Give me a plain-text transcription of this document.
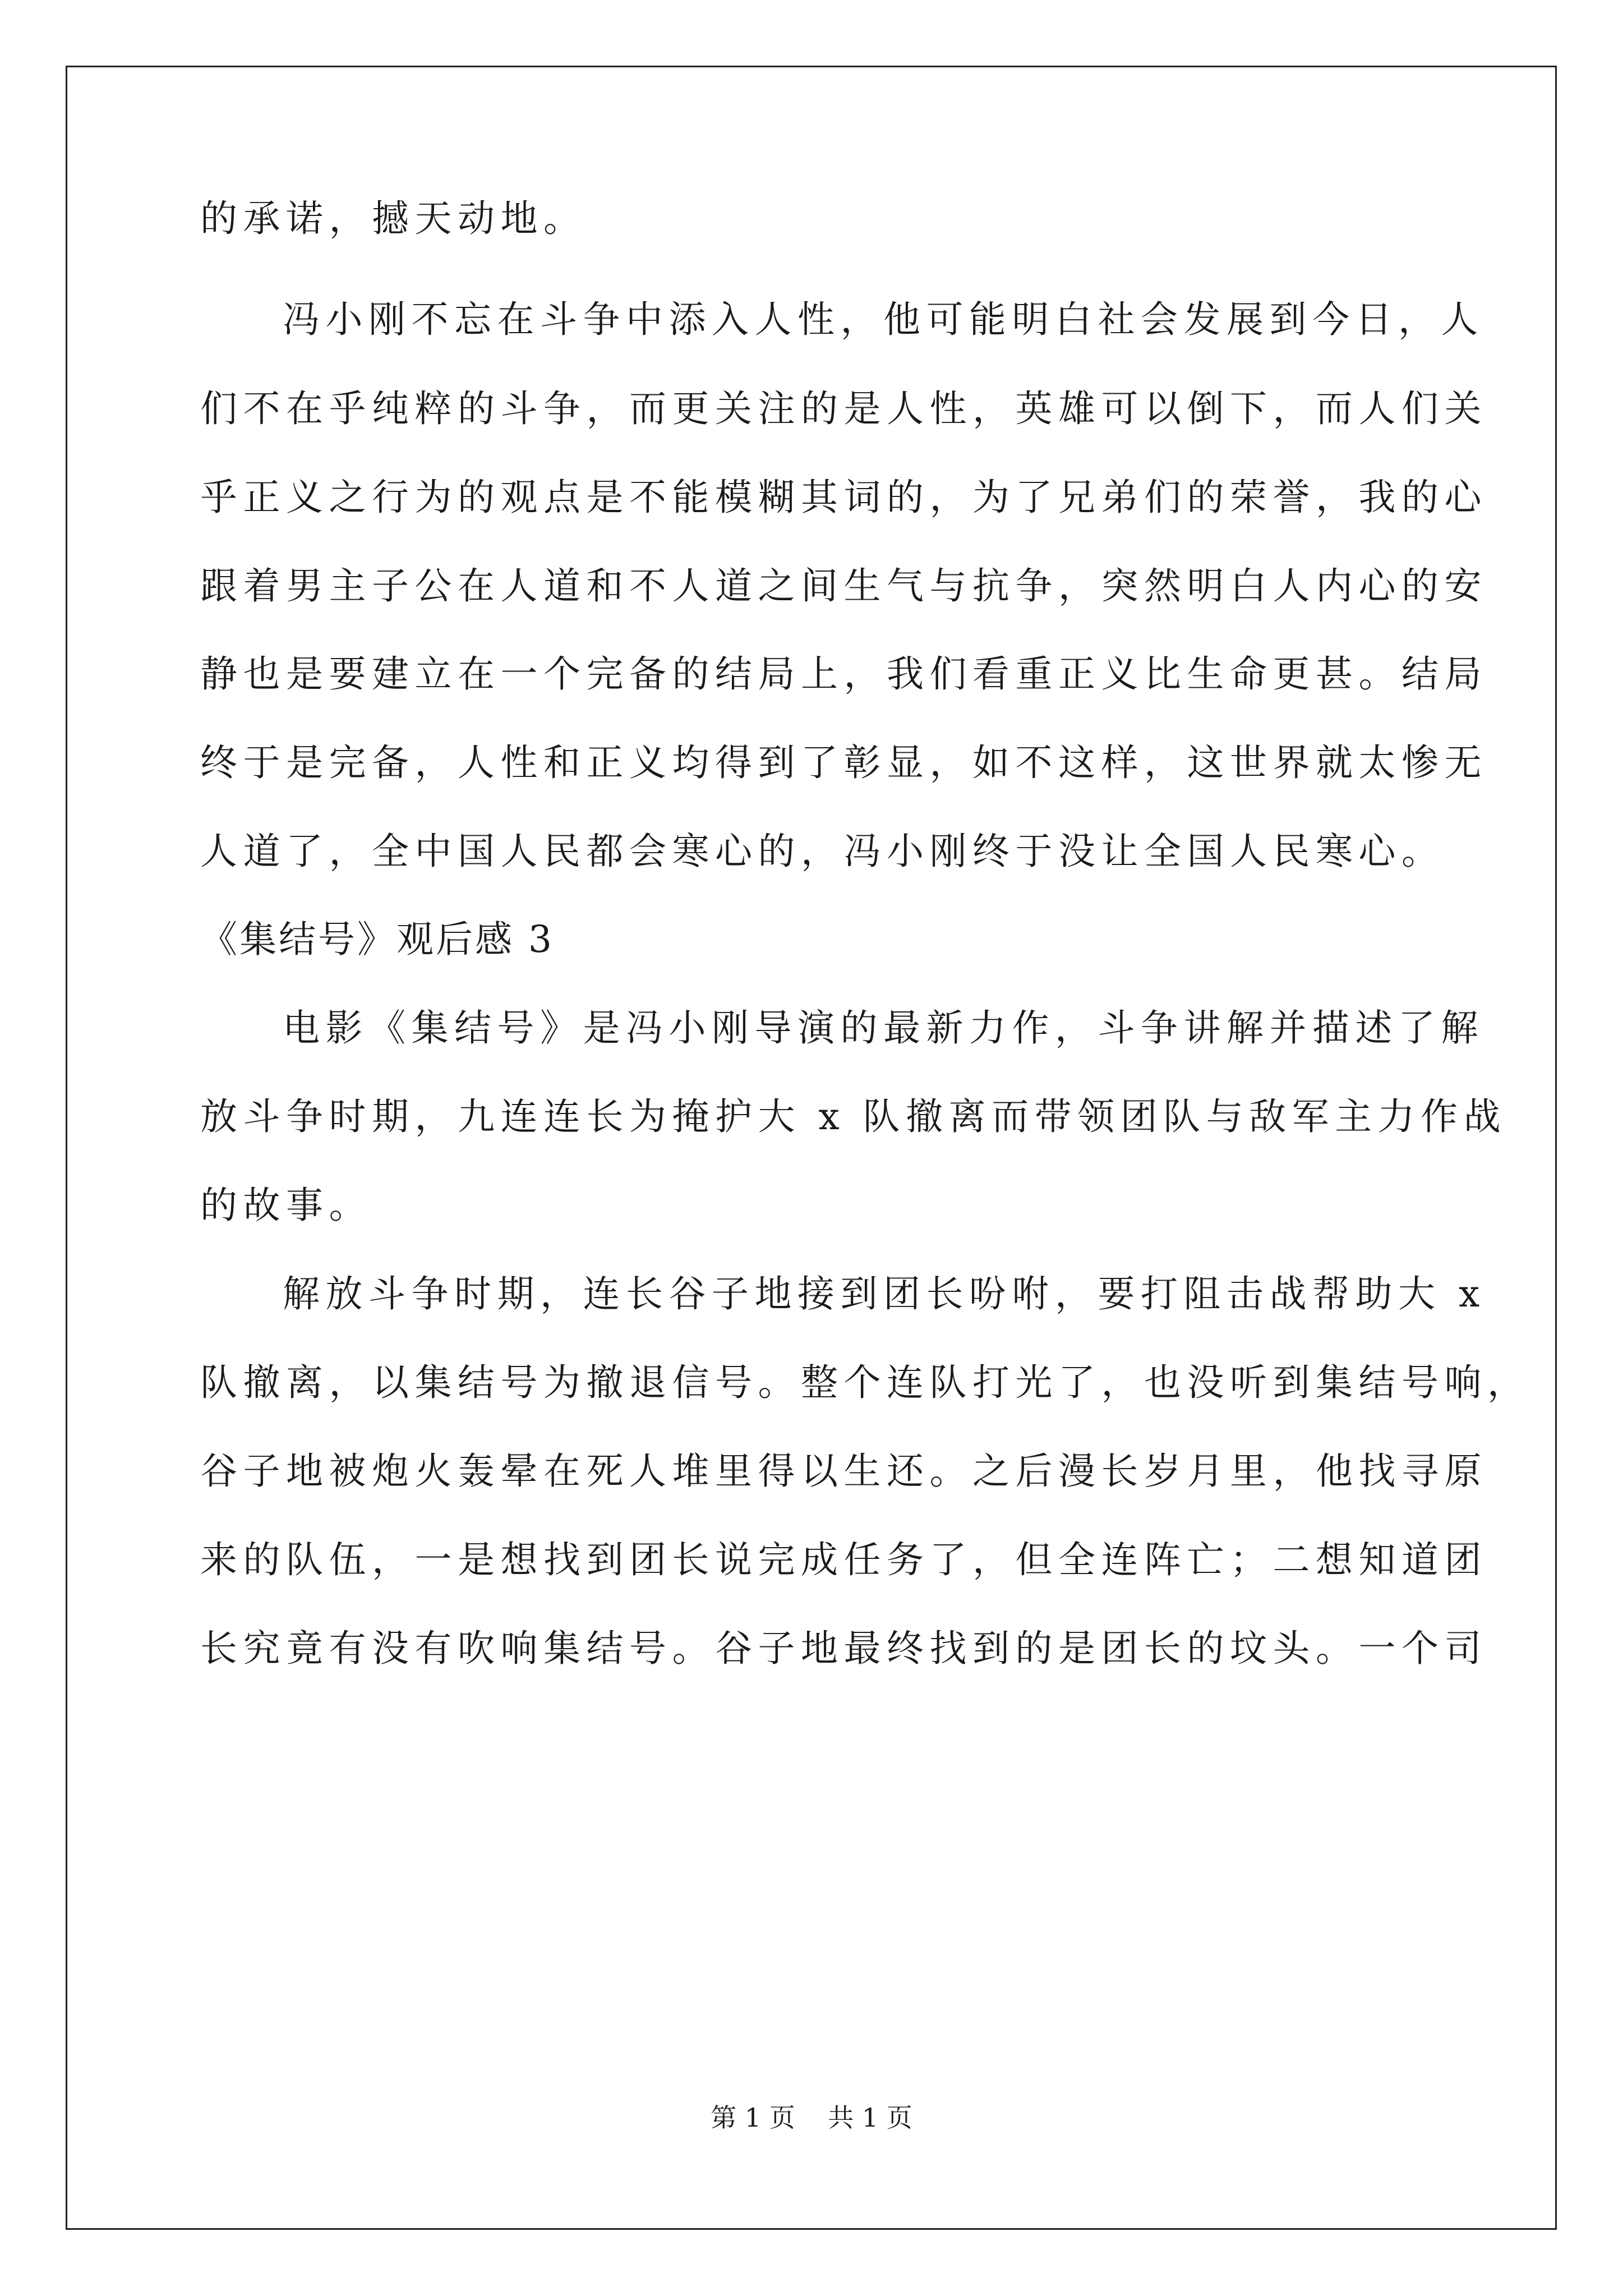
的承诺，撼天动地。
冯小刚不忘在斗争中添入人性，他可能明白社会发展到今日，人
们不在乎纯粹的斗争，而更关注的是人性，英雄可以倒下，而人们关
乎正义之行为的观点是不能模糊其词的，为了兄弟们的荣誉，我的心
跟着男主子公在人道和不人道之间生气与抗争，突然明白人内心的安
静也是要建立在一个完备的结局上，我们看重正义比生命更甚。结局
终于是完备，人性和正义均得到了彰显，如不这样，这世界就太惨无
人道了，全中国人民都会寒心的，冯小刚终于没让全国人民寒心。
《集结号》观后感 3
电影《集结号》是冯小刚导演的最新力作，斗争讲解并描述了解
放斗争时期，九连连长为掩护大 x 队撤离而带领团队与敌军主力作战
的故事。
解放斗争时期，连长谷子地接到团长吩咐，要打阻击战帮助大 x
队撤离，以集结号为撤退信号。整个连队打光了，也没听到集结号响，
谷子地被炮火轰晕在死人堆里得以生还。之后漫长岁月里，他找寻原
来的队伍，一是想找到团长说完成任务了，但全连阵亡；二想知道团
长究竟有没有吹响集结号。谷子地最终找到的是团长的坟头。一个司
第 1 页    共 1 页
